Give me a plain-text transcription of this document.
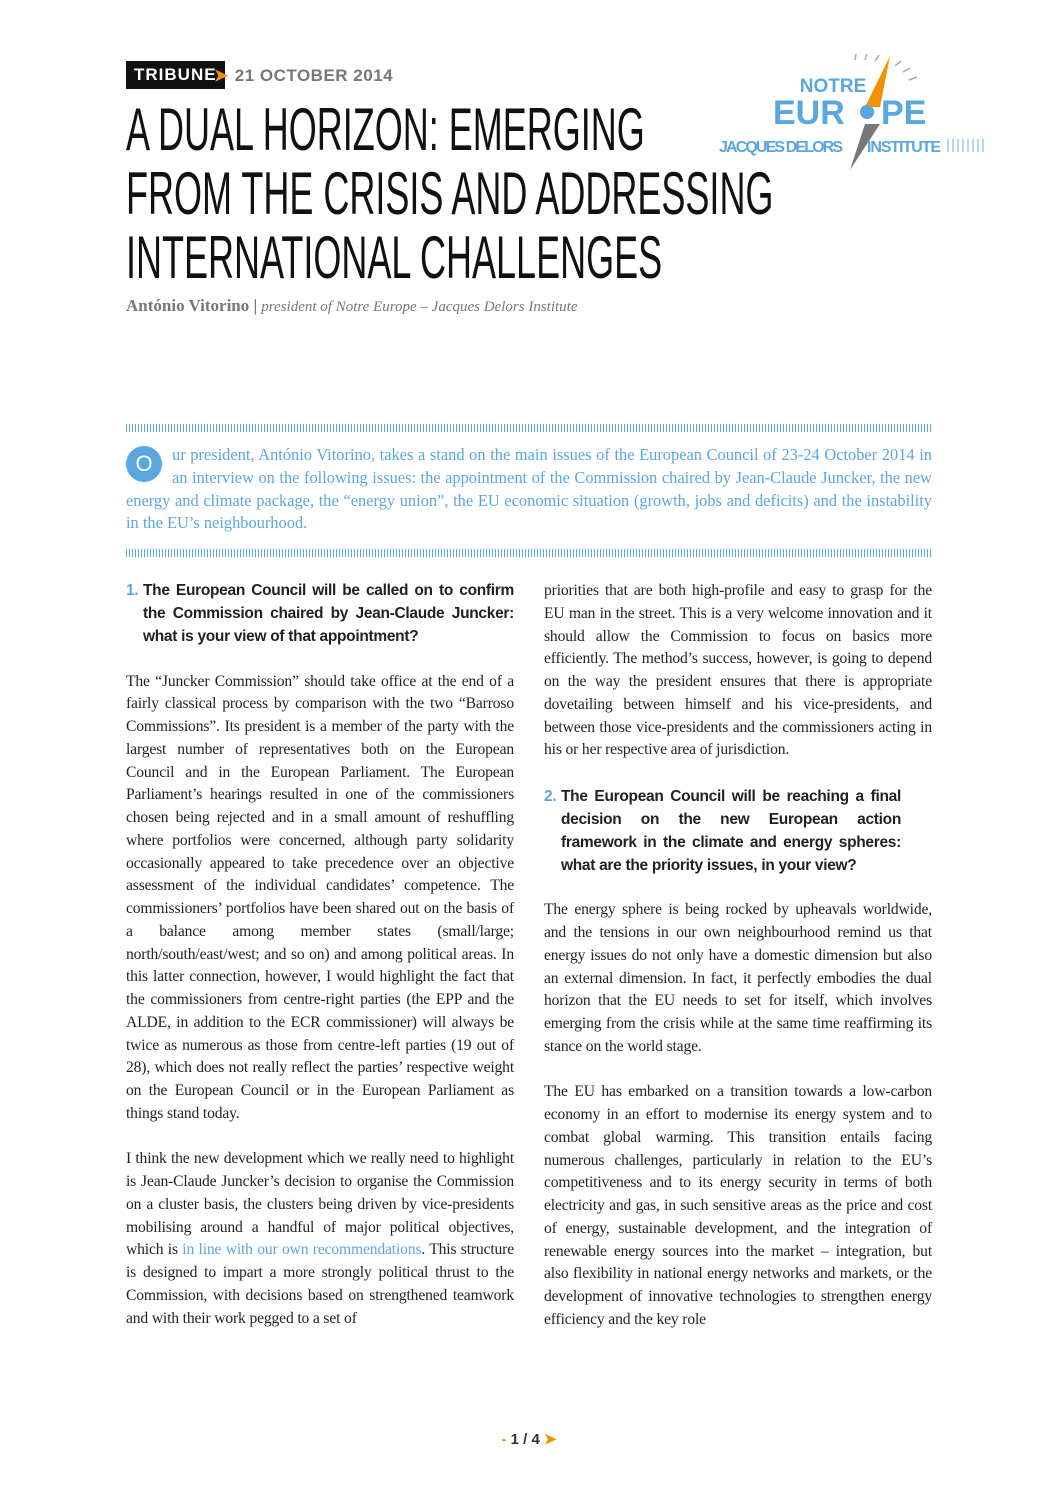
TRIBUNE
➤ 21 OCTOBER 2014
NOTRE
EUR PE
JACQUES DELORS INSTITUTE
A DUAL HORIZON: EMERGING
FROM THE CRISIS AND ADDRESSING
INTERNATIONAL CHALLENGES
António Vitorino | president of Notre Europe – Jacques Delors Institute
O	ur president, António Vitorino, takes a stand on the main issues of the European Council of 23-24 October 2014 in an interview on the following issues: the appointment of the Commission chaired by Jean-Claude Juncker, the new energy and climate package, the “energy union”, the EU economic situation (growth, jobs and deficits) and the instability in the EU’s neighbourhood.
1. The European Council will be called on to confirm the Commission chaired by Jean-Claude Juncker: what is your view of that appointment?

The “Juncker Commission” should take office at the end of a fairly classical process by comparison with the two “Barroso Commissions”. Its president is a member of the party with the largest number of representatives both on the European Council and in the European Parliament. The European Parliament’s hearings resulted in one of the commissioners chosen being rejected and in a small amount of reshuffling where portfolios were concerned, although party solidarity occasionally appeared to take precedence over an objective assessment of the individual candidates’ competence. The commissioners’ portfolios have been shared out on the basis of a balance among member states (small/large; north/south/east/west; and so on) and among political areas. In this latter connection, however, I would highlight the fact that the commissioners from centre-right parties (the EPP and the ALDE, in addition to the ECR commissioner) will always be twice as numerous as those from centre-left parties (19 out of 28), which does not really reflect the parties’ respective weight on the European Council or in the European Parliament as things stand today.

I think the new development which we really need to highlight is Jean-Claude Juncker’s decision to organise the Commission on a cluster basis, the clusters being driven by vice-presidents mobilising around a handful of major political objectives, which is in line with our own recommendations. This structure is designed to impart a more strongly political thrust to the Commission, with decisions based on strengthened teamwork and with their work pegged to a set of

priorities that are both high-profile and easy to grasp for the EU man in the street. This is a very welcome innovation and it should allow the Commission to focus on basics more efficiently. The method’s success, however, is going to depend on the way the president ensures that there is appropriate dovetailing between himself and his vice-presidents, and between those vice-presidents and the commissioners acting in his or her respective area of jurisdiction.

2. The European Council will be reaching a final decision on the new European action framework in the climate and energy spheres: what are the priority issues, in your view?

The energy sphere is being rocked by upheavals worldwide, and the tensions in our own neighbourhood remind us that energy issues do not only have a domestic dimension but also an external dimension. In fact, it perfectly embodies the dual horizon that the EU needs to set for itself, which involves emerging from the crisis while at the same time reaffirming its stance on the world stage.

The EU has embarked on a transition towards a low-carbon economy in an effort to modernise its energy system and to combat global warming. This transition entails facing numerous challenges, particularly in relation to the EU’s competitiveness and to its energy security in terms of both electricity and gas, in such sensitive areas as the price and cost of energy, sustainable development, and the integration of renewable energy sources into the market – integration, but also flexibility in national energy networks and markets, or the development of innovative technologies to strengthen energy efficiency and the key role

‑ 1 / 4 ➤
